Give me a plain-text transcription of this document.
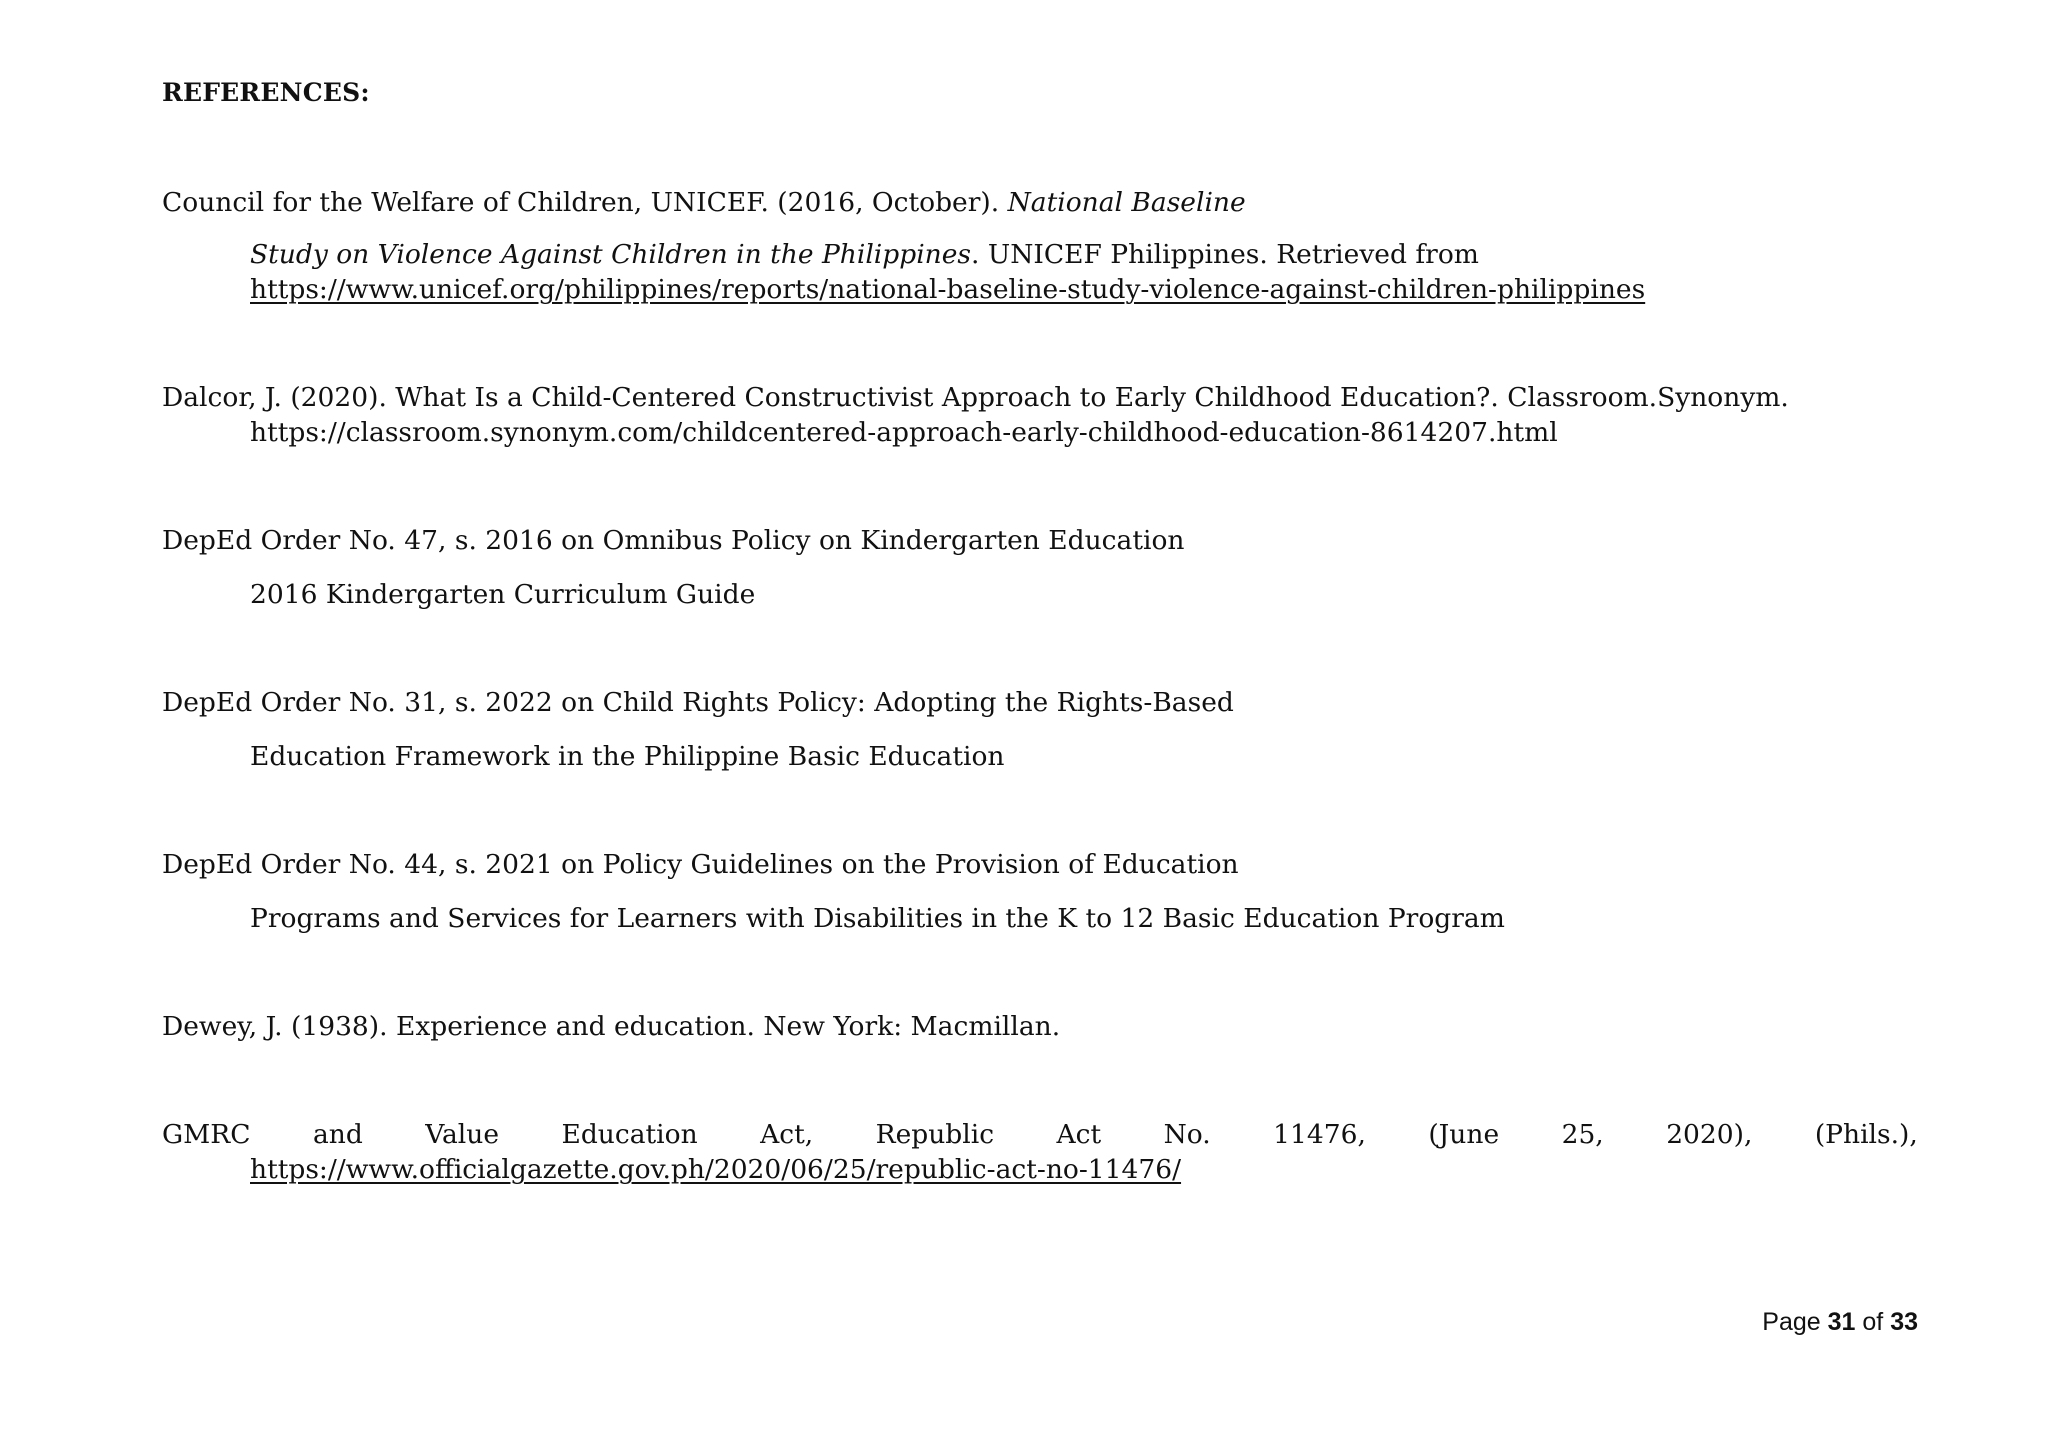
REFERENCES:
Council for the Welfare of Children, UNICEF. (2016, October). National Baseline
Study on Violence Against Children in the Philippines. UNICEF Philippines. Retrieved from
https://www.unicef.org/philippines/reports/national-baseline-study-violence-against-children-philippines
Dalcor, J. (2020). What Is a Child-Centered Constructivist Approach to Early Childhood Education?. Classroom.Synonym.
https://classroom.synonym.com/childcentered-approach-early-childhood-education-8614207.html
DepEd Order No. 47, s. 2016 on Omnibus Policy on Kindergarten Education
2016 Kindergarten Curriculum Guide
DepEd Order No. 31, s. 2022 on Child Rights Policy: Adopting the Rights-Based
Education Framework in the Philippine Basic Education
DepEd Order No. 44, s. 2021 on Policy Guidelines on the Provision of Education
Programs and Services for Learners with Disabilities in the K to 12 Basic Education Program
Dewey, J. (1938). Experience and education. New York: Macmillan.
GMRC and Value Education Act, Republic Act No. 11476, (June 25, 2020), (Phils.),
https://www.officialgazette.gov.ph/2020/06/25/republic-act-no-11476/
Page 31 of 33
